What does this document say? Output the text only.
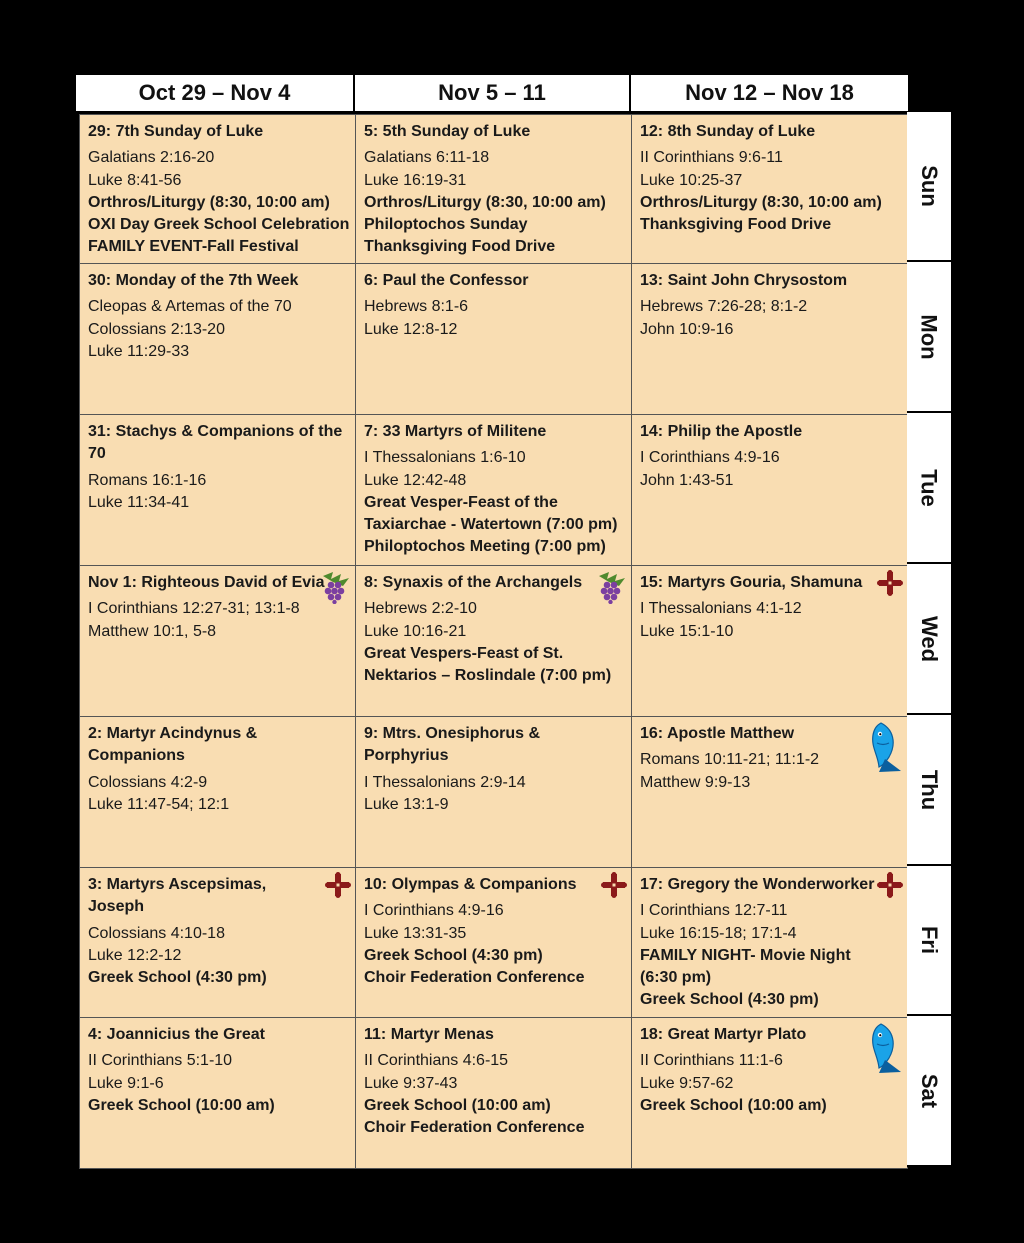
Oct 29 – Nov 4	Nov 5 – 11	Nov 12 – Nov 18
29: 7th Sunday of Luke
Galatians 2:16-20
Luke 8:41-56
Orthros/Liturgy (8:30, 10:00 am)
OXI Day Greek School Celebration
FAMILY EVENT-Fall Festival
5: 5th Sunday of Luke
Galatians 6:11-18
Luke 16:19-31
Orthros/Liturgy (8:30, 10:00 am)
Philoptochos Sunday
Thanksgiving Food Drive
12: 8th Sunday of Luke
II Corinthians 9:6-11
Luke 10:25-37
Orthros/Liturgy (8:30, 10:00 am)
Thanksgiving Food Drive
30: Monday of the 7th Week
Cleopas & Artemas of the 70
Colossians 2:13-20
Luke 11:29-33
6: Paul the Confessor
Hebrews 8:1-6
Luke 12:8-12
13: Saint John Chrysostom
Hebrews 7:26-28; 8:1-2
John 10:9-16
31: Stachys & Companions of the 70
Romans 16:1-16
Luke 11:34-41
7: 33 Martyrs of Militene
I Thessalonians 1:6-10
Luke 12:42-48
Great Vesper-Feast of the
Taxiarchae - Watertown (7:00 pm)
Philoptochos Meeting (7:00 pm)
14: Philip the Apostle
I Corinthians 4:9-16
John 1:43-51
Nov 1: Righteous David of Evia
I Corinthians 12:27-31; 13:1-8
Matthew 10:1, 5-8
8: Synaxis of the Archangels
Hebrews 2:2-10
Luke 10:16-21
Great Vespers-Feast of St.
Nektarios – Roslindale (7:00 pm)
15: Martyrs Gouria, Shamuna
I Thessalonians 4:1-12
Luke 15:1-10
2: Martyr Acindynus & Companions
Colossians 4:2-9
Luke 11:47-54; 12:1
9: Mtrs. Onesiphorus & Porphyrius
I Thessalonians 2:9-14
Luke 13:1-9
16: Apostle Matthew
Romans 10:11-21; 11:1-2
Matthew 9:9-13
3: Martyrs Ascepsimas, Joseph
Colossians 4:10-18
Luke 12:2-12
Greek School (4:30 pm)
10: Olympas & Companions
I Corinthians 4:9-16
Luke 13:31-35
Greek School (4:30 pm)
Choir Federation Conference
17: Gregory the Wonderworker
I Corinthians 12:7-11
Luke 16:15-18; 17:1-4
FAMILY NIGHT- Movie Night
(6:30 pm)
Greek School (4:30 pm)
4: Joannicius the Great
II Corinthians 5:1-10
Luke 9:1-6
Greek School (10:00 am)
11: Martyr Menas
II Corinthians 4:6-15
Luke 9:37-43
Greek School (10:00 am)
Choir Federation Conference
18: Great Martyr Plato
II Corinthians 11:1-6
Luke 9:57-62
Greek School (10:00 am)
Sun
Mon
Tue
Wed
Thu
Fri
Sat
